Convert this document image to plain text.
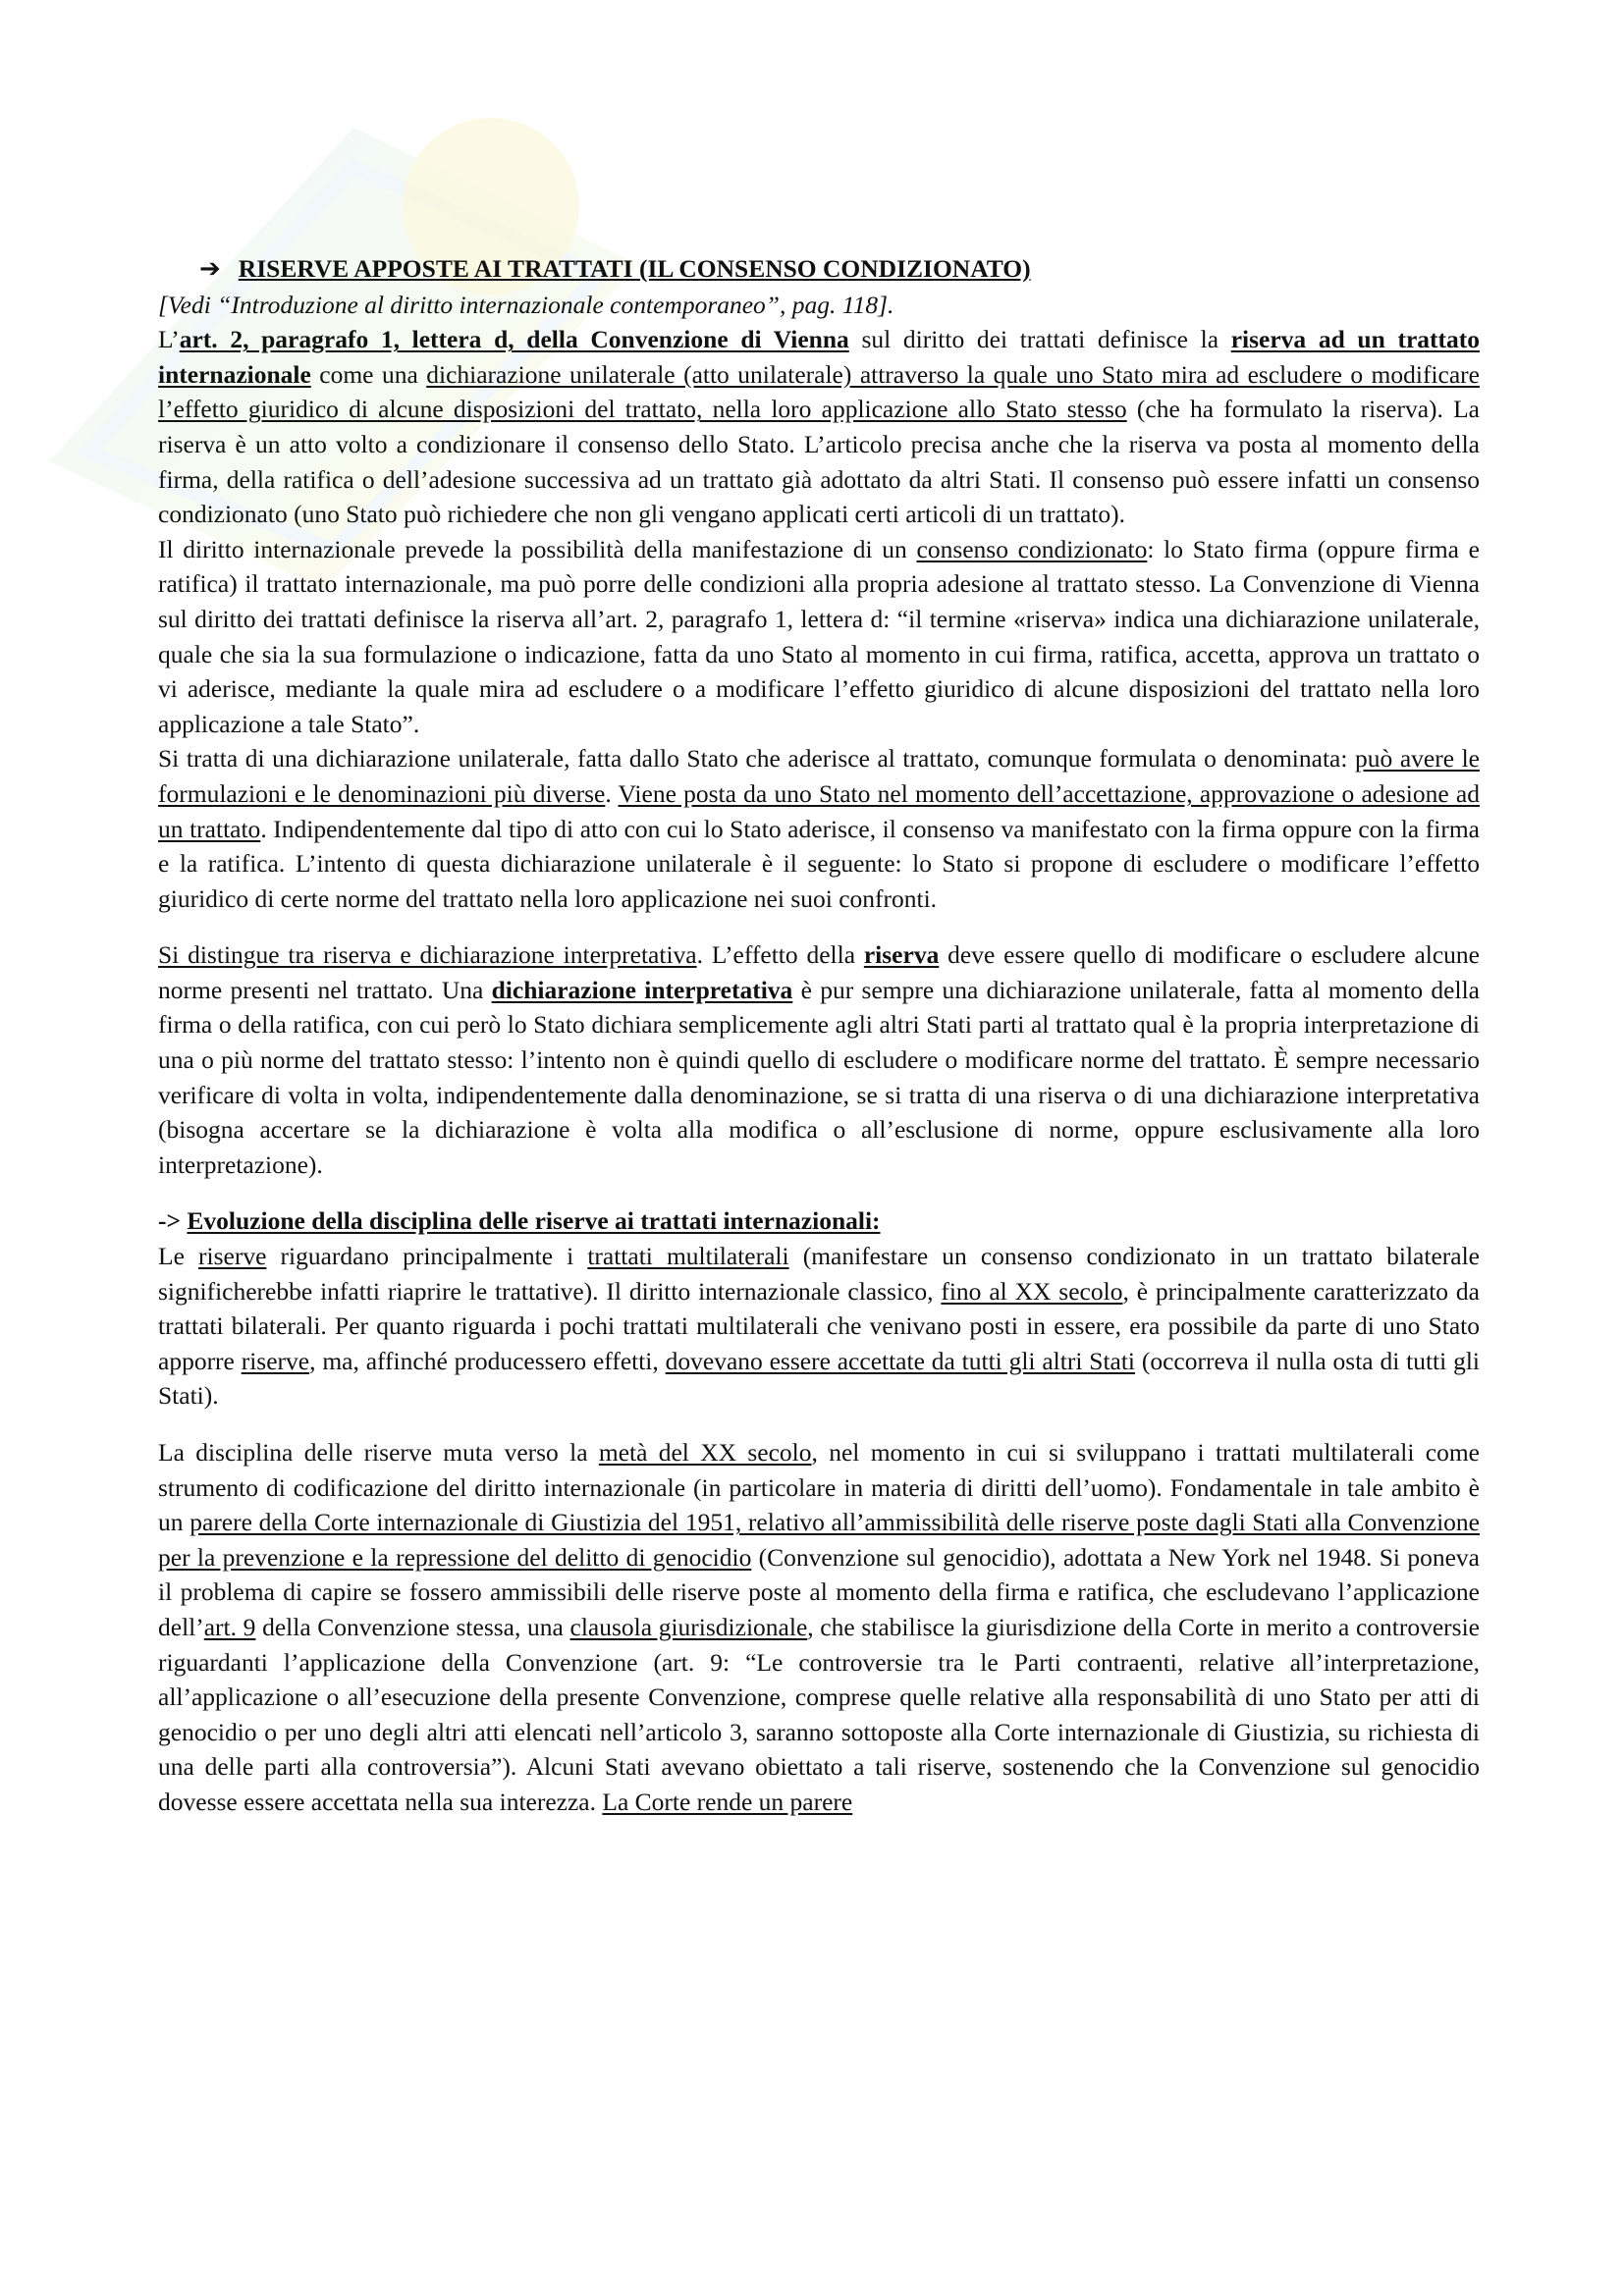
➔ RISERVE APPOSTE AI TRATTATI (IL CONSENSO CONDIZIONATO)

[Vedi “Introduzione al diritto internazionale contemporaneo”, pag. 118].

L’art. 2, paragrafo 1, lettera d, della Convenzione di Vienna sul diritto dei trattati definisce la riserva ad un trattato internazionale come una dichiarazione unilaterale (atto unilaterale) attraverso la quale uno Stato mira ad escludere o modificare l’effetto giuridico di alcune disposizioni del trattato, nella loro applicazione allo Stato stesso (che ha formulato la riserva). La riserva è un atto volto a condizionare il consenso dello Stato. L’articolo precisa anche che la riserva va posta al momento della firma, della ratifica o dell’adesione successiva ad un trattato già adottato da altri Stati. Il consenso può essere infatti un consenso condizionato (uno Stato può richiedere che non gli vengano applicati certi articoli di un trattato).

Il diritto internazionale prevede la possibilità della manifestazione di un consenso condizionato: lo Stato firma (oppure firma e ratifica) il trattato internazionale, ma può porre delle condizioni alla propria adesione al trattato stesso. La Convenzione di Vienna sul diritto dei trattati definisce la riserva all’art. 2, paragrafo 1, lettera d: “il termine «riserva» indica una dichiarazione unilaterale, quale che sia la sua formulazione o indicazione, fatta da uno Stato al momento in cui firma, ratifica, accetta, approva un trattato o vi aderisce, mediante la quale mira ad escludere o a modificare l’effetto giuridico di alcune disposizioni del trattato nella loro applicazione a tale Stato”.

Si tratta di una dichiarazione unilaterale, fatta dallo Stato che aderisce al trattato, comunque formulata o denominata: può avere le formulazioni e le denominazioni più diverse. Viene posta da uno Stato nel momento dell’accettazione, approvazione o adesione ad un trattato. Indipendentemente dal tipo di atto con cui lo Stato aderisce, il consenso va manifestato con la firma oppure con la firma e la ratifica. L’intento di questa dichiarazione unilaterale è il seguente: lo Stato si propone di escludere o modificare l’effetto giuridico di certe norme del trattato nella loro applicazione nei suoi confronti.

Si distingue tra riserva e dichiarazione interpretativa. L’effetto della riserva deve essere quello di modificare o escludere alcune norme presenti nel trattato. Una dichiarazione interpretativa è pur sempre una dichiarazione unilaterale, fatta al momento della firma o della ratifica, con cui però lo Stato dichiara semplicemente agli altri Stati parti al trattato qual è la propria interpretazione di una o più norme del trattato stesso: l’intento non è quindi quello di escludere o modificare norme del trattato. È sempre necessario verificare di volta in volta, indipendentemente dalla denominazione, se si tratta di una riserva o di una dichiarazione interpretativa (bisogna accertare se la dichiarazione è volta alla modifica o all’esclusione di norme, oppure esclusivamente alla loro interpretazione).

-> Evoluzione della disciplina delle riserve ai trattati internazionali:

Le riserve riguardano principalmente i trattati multilaterali (manifestare un consenso condizionato in un trattato bilaterale significherebbe infatti riaprire le trattative). Il diritto internazionale classico, fino al XX secolo, è principalmente caratterizzato da trattati bilaterali. Per quanto riguarda i pochi trattati multilaterali che venivano posti in essere, era possibile da parte di uno Stato apporre riserve, ma, affinché producessero effetti, dovevano essere accettate da tutti gli altri Stati (occorreva il nulla osta di tutti gli Stati).

La disciplina delle riserve muta verso la metà del XX secolo, nel momento in cui si sviluppano i trattati multilaterali come strumento di codificazione del diritto internazionale (in particolare in materia di diritti dell’uomo). Fondamentale in tale ambito è un parere della Corte internazionale di Giustizia del 1951, relativo all’ammissibilità delle riserve poste dagli Stati alla Convenzione per la prevenzione e la repressione del delitto di genocidio (Convenzione sul genocidio), adottata a New York nel 1948. Si poneva il problema di capire se fossero ammissibili delle riserve poste al momento della firma e ratifica, che escludevano l’applicazione dell’art. 9 della Convenzione stessa, una clausola giurisdizionale, che stabilisce la giurisdizione della Corte in merito a controversie riguardanti l’applicazione della Convenzione (art. 9: “Le controversie tra le Parti contraenti, relative all’interpretazione, all’applicazione o all’esecuzione della presente Convenzione, comprese quelle relative alla responsabilità di uno Stato per atti di genocidio o per uno degli altri atti elencati nell’articolo 3, saranno sottoposte alla Corte internazionale di Giustizia, su richiesta di una delle parti alla controversia”). Alcuni Stati avevano obiettato a tali riserve, sostenendo che la Convenzione sul genocidio dovesse essere accettata nella sua interezza. La Corte rende un parere
